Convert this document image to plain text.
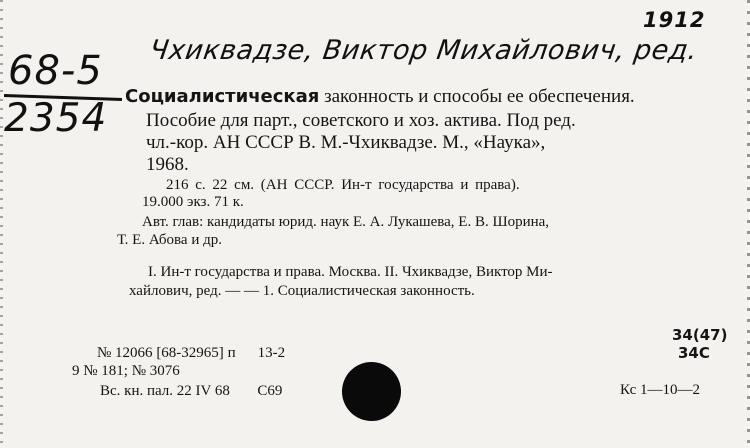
1912
Чхиквадзе, Виктор Михайлович, ред.
68-5
2354 Социалистическая законность и способы ее обеспечения.
Пособие для парт., советского и хоз. актива. Под ред.
чл.-кор. АН СССР В. М.-Чхиквадзе. М., «Наука»,
1968.
216 с. 22 см. (АН СССР. Ин-т государства и права).
19.000 экз. 71 к.
Авт. глав: кандидаты юрид. наук Е. А. Лукашева, Е. В. Шорина,
Т. Е. Абова и др.
I. Ин-т государства и права. Москва. II. Чхиквадзе, Виктор Ми-
хайлович, ред. — — 1. Социалистическая законность.
34(47)
34С
№ 12066 [68-32965] п 13-2
9 № 181; № 3076
Вс. кн. пал. 22 IV 68 С69	Кс 1—10—2
